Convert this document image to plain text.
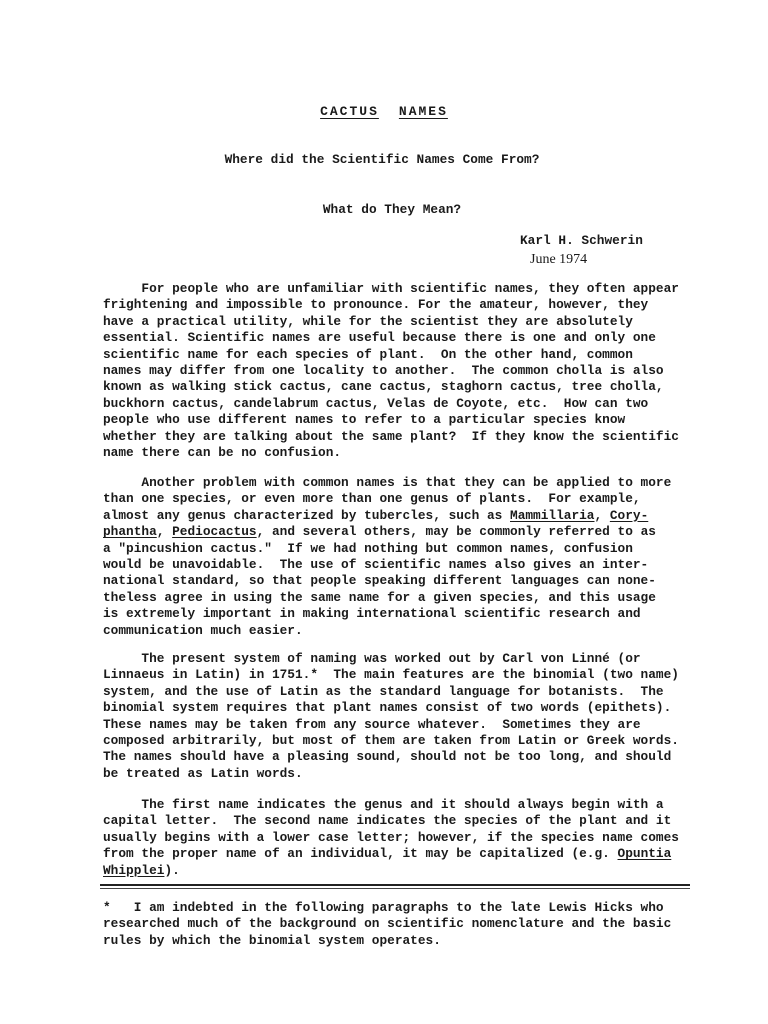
CACTUS NAMES
Where did the Scientific Names Come From?
What do They Mean?
Karl H. Schwerin
June 1974
For people who are unfamiliar with scientific names, they often appear
frightening and impossible to pronounce. For the amateur, however, they
have a practical utility, while for the scientist they are absolutely
essential. Scientific names are useful because there is one and only one
scientific name for each species of plant.  On the other hand, common
names may differ from one locality to another.  The common cholla is also
known as walking stick cactus, cane cactus, staghorn cactus, tree cholla,
buckhorn cactus, candelabrum cactus, Velas de Coyote, etc.  How can two
people who use different names to refer to a particular species know
whether they are talking about the same plant?  If they know the scientific
name there can be no confusion.
Another problem with common names is that they can be applied to more
than one species, or even more than one genus of plants.  For example,
almost any genus characterized by tubercles, such as Mammillaria, Cory-
phantha, Pediocactus, and several others, may be commonly referred to as
a "pincushion cactus."  If we had nothing but common names, confusion
would be unavoidable.  The use of scientific names also gives an inter-
national standard, so that people speaking different languages can none-
theless agree in using the same name for a given species, and this usage
is extremely important in making international scientific research and
communication much easier.
The present system of naming was worked out by Carl von Linné (or
Linnaeus in Latin) in 1751.*  The main features are the binomial (two name)
system, and the use of Latin as the standard language for botanists.  The
binomial system requires that plant names consist of two words (epithets).
These names may be taken from any source whatever.  Sometimes they are
composed arbitrarily, but most of them are taken from Latin or Greek words.
The names should have a pleasing sound, should not be too long, and should
be treated as Latin words.
The first name indicates the genus and it should always begin with a
capital letter.  The second name indicates the species of the plant and it
usually begins with a lower case letter; however, if the species name comes
from the proper name of an individual, it may be capitalized (e.g. Opuntia
Whipplei).
*   I am indebted in the following paragraphs to the late Lewis Hicks who
researched much of the background on scientific nomenclature and the basic
rules by which the binomial system operates.
